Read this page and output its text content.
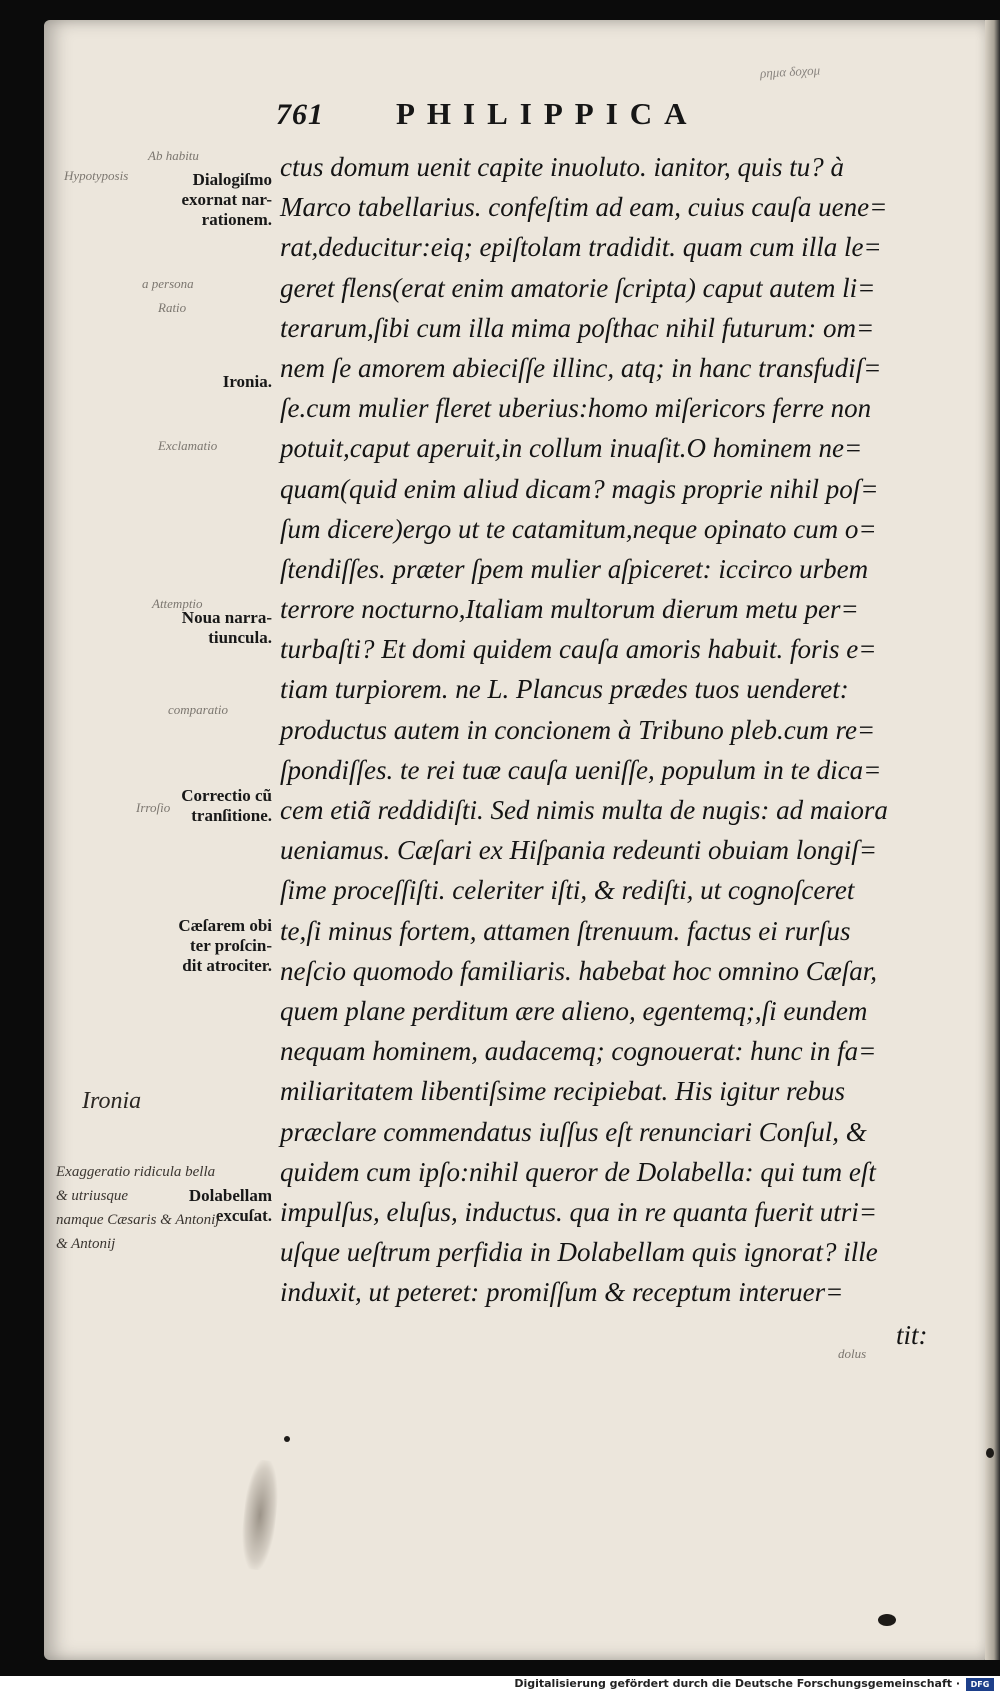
ρημα δοχομ
761	PHILIPPICA
ctus domum uenit capite inuoluto. ianitor, quis tu? à
Marco tabellarius. confeſtim ad eam, cuius cauſa uene=
rat,deducitur:eiq; epiſtolam tradidit. quam cum illa le=
geret flens(erat enim amatorie ſcripta) caput autem li=
terarum,ſibi cum illa mima poſthac nihil futurum: om=
nem ſe amorem abieciſſe illinc, atq; in hanc transfudiſ=
ſe.cum mulier fleret uberius:homo miſericors ferre non
potuit,caput aperuit,in collum inuaſit.O hominem ne=
quam(quid enim aliud dicam? magis proprie nihil poſ=
ſum dicere)ergo ut te catamitum,neque opinato cum o=
ſtendiſſes. præter ſpem mulier aſpiceret: iccirco urbem
terrore nocturno,Italiam multorum dierum metu per=
turbaſti? Et domi quidem cauſa amoris habuit. foris e=
tiam turpiorem. ne L. Plancus prædes tuos uenderet:
productus autem in concionem à Tribuno pleb.cum re=
ſpondiſſes. te rei tuæ cauſa ueniſſe, populum in te dica=
cem etiã reddidiſti. Sed nimis multa de nugis: ad maiora
ueniamus. Cæſari ex Hiſpania redeunti obuiam longiſ=
ſime proceſſiſti. celeriter iſti, & rediſti, ut cognoſceret
te,ſi minus fortem, attamen ſtrenuum. factus ei rurſus
neſcio quomodo familiaris. habebat hoc omnino Cæſar,
quem plane perditum ære alieno, egentemq;,ſi eundem
nequam hominem, audacemq; cognouerat: hunc in fa=
miliaritatem libentiſsime recipiebat. His igitur rebus
præclare commendatus iuſſus eſt renunciari Conſul, &
quidem cum ipſo:nihil queror de Dolabella: qui tum eſt
impulſus, eluſus, inductus. qua in re quanta fuerit utri=
uſque ueſtrum perfidia in Dolabellam quis ignorat? ille
induxit, ut peteret: promiſſum & receptum interuer=
tit:
Dialogiſmo
exornat nar-
rationem.
Ironia.
Noua narra-
tiuncula.
Correctio cũ
tranſitione.
Cæſarem obi
ter proſcin-
dit atrociter.
Dolabellam
excuſat.
Ab habitu
Hypotyposis
a persona
Ratio
Exclamatio
Attemptio
comparatio
Irroſio
Ironia
Exaggeratio ridicula bella
& utriusque
namque Cæsaris & Antonij
& Antonij
dolus
Digitalisierung gefördert durch die Deutsche Forschungsgemeinschaft ·	DFG
